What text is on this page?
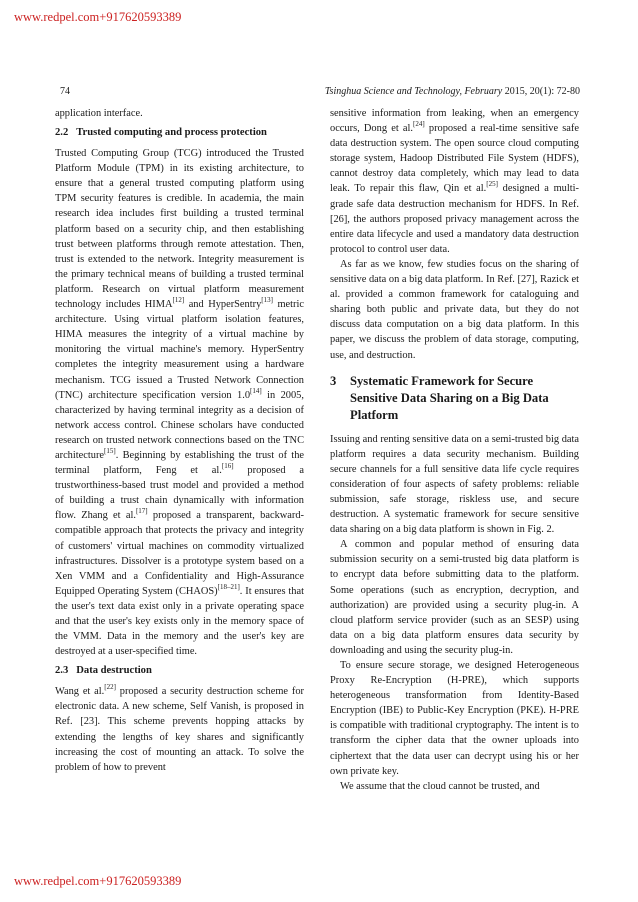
www.redpel.com+917620593389
74	Tsinghua Science and Technology, February 2015, 20(1): 72-80

application interface.

2.2 Trusted computing and process protection

Trusted Computing Group (TCG) introduced the Trusted Platform Module (TPM) in its existing architecture, to ensure that a general trusted computing platform using TPM security features is credible. In academia, the main research idea includes first building a trusted terminal platform based on a security chip, and then establishing trust between platforms through remote attestation. Then, trust is extended to the network. Integrity measurement is the primary technical means of building a trusted terminal platform. Research on virtual platform measurement technology includes HIMA[12] and HyperSentry[13] metric architecture. Using virtual platform isolation features, HIMA measures the integrity of a virtual machine by monitoring the virtual machine's memory. HyperSentry completes the integrity measurement using a hardware mechanism. TCG issued a Trusted Network Connection (TNC) architecture specification version 1.0[14] in 2005, characterized by having terminal integrity as a decision of network access control. Chinese scholars have conducted research on trusted network connections based on the TNC architecture[15]. Beginning by establishing the trust of the terminal platform, Feng et al.[16] proposed a trustworthiness-based trust model and provided a method of building a trust chain dynamically with information flow. Zhang et al.[17] proposed a transparent, backward-compatible approach that protects the privacy and integrity of customers' virtual machines on commodity virtualized infrastructures. Dissolver is a prototype system based on a Xen VMM and a Confidentiality and High-Assurance Equipped Operating System (CHAOS)[18–21]. It ensures that the user's text data exist only in a private operating space and that the user's key exists only in the memory space of the VMM. Data in the memory and the user's key are destroyed at a user-specified time.

2.3 Data destruction

Wang et al.[22] proposed a security destruction scheme for electronic data. A new scheme, Self Vanish, is proposed in Ref. [23]. This scheme prevents hopping attacks by extending the lengths of key shares and significantly increasing the cost of mounting an attack. To solve the problem of how to prevent

sensitive information from leaking, when an emergency occurs, Dong et al.[24] proposed a real-time sensitive safe data destruction system. The open source cloud computing storage system, Hadoop Distributed File System (HDFS), cannot destroy data completely, which may lead to data leak. To repair this flaw, Qin et al.[25] designed a multi-grade safe data destruction mechanism for HDFS. In Ref. [26], the authors proposed privacy management across the entire data lifecycle and used a mandatory data destruction protocol to control user data.

As far as we know, few studies focus on the sharing of sensitive data on a big data platform. In Ref. [27], Razick et al. provided a common framework for cataloguing and sharing both public and private data, but they do not discuss data computation on a big data platform. In this paper, we discuss the problem of data storage, computing, use, and destruction.

3	Systematic Framework for Secure Sensitive Data Sharing on a Big Data Platform

Issuing and renting sensitive data on a semi-trusted big data platform requires a data security mechanism. Building secure channels for a full sensitive data life cycle requires consideration of four aspects of safety problems: reliable submission, safe storage, riskless use, and secure destruction. A systematic framework for secure sensitive data sharing on a big data platform is shown in Fig. 2.

A common and popular method of ensuring data submission security on a semi-trusted big data platform is to encrypt data before submitting data to the platform. Some operations (such as encryption, decryption, and authorization) are provided using a security plug-in. A cloud platform service provider (such as an SESP) using data on a big data platform ensures data security by downloading and using the security plug-in.

To ensure secure storage, we designed Heterogeneous Proxy Re-Encryption (H-PRE), which supports heterogeneous transformation from Identity-Based Encryption (IBE) to Public-Key Encryption (PKE). H-PRE is compatible with traditional cryptography. The intent is to transform the cipher data that the owner uploads into ciphertext that the data user can decrypt using his or her own private key.

We assume that the cloud cannot be trusted, and

www.redpel.com+917620593389
